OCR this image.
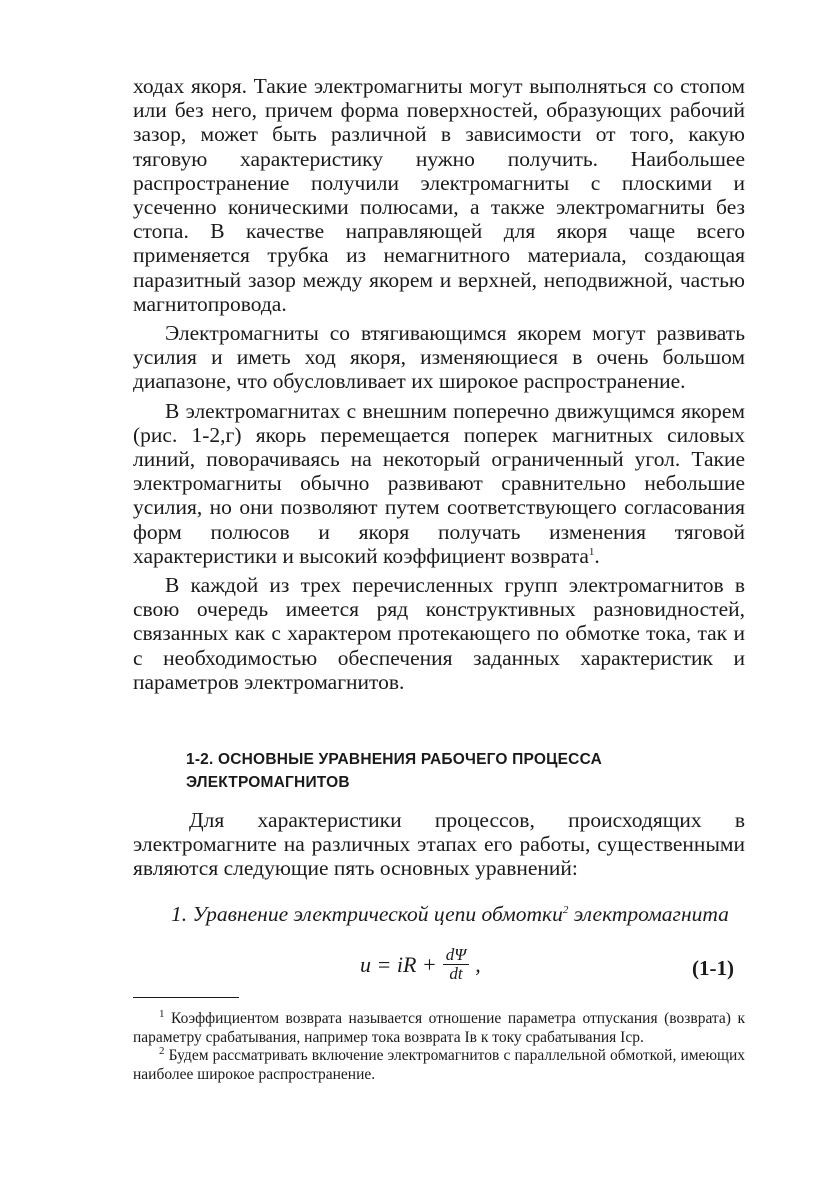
ходах якоря. Такие электромагниты могут выполняться со стопом или без него, причем форма поверхностей, образующих рабочий зазор, может быть различной в зависимости от того, какую тяговую характеристику нужно получить. Наибольшее распространение получили электромагниты с плоскими и усеченно коническими полюсами, а также электромагниты без стопа. В качестве направляющей для якоря чаще всего применяется трубка из немагнитного материала, создающая паразитный зазор между якорем и верхней, неподвижной, частью магнитопровода.

Электромагниты со втягивающимся якорем могут развивать усилия и иметь ход якоря, изменяющиеся в очень большом диапазоне, что обусловливает их широкое распространение.

В электромагнитах с внешним поперечно движущимся якорем (рис. 1-2,г) якорь перемещается поперек магнитных силовых линий, поворачиваясь на некоторый ограниченный угол. Такие электромагниты обычно развивают сравнительно небольшие усилия, но они позволяют путем соответствующего согласования форм полюсов и якоря получать изменения тяговой характеристики и высокий коэффициент возврата$^1$.

В каждой из трех перечисленных групп электромагнитов в свою очередь имеется ряд конструктивных разновидностей, связанных как с характером протекающего по обмотке тока, так и с необходимостью обеспечения заданных характеристик и параметров электромагнитов.

1-2. ОСНОВНЫЕ УРАВНЕНИЯ РАБОЧЕГО ПРОЦЕССА ЭЛЕКТРОМАГНИТОВ

Для характеристики процессов, происходящих в электромагните на различных этапах его работы, существенными являются следующие пять основных уравнений:

1. Уравнение электрической цепи обмотки$^2$ электромагнита

u = iR + $\frac{d\Psi}{dt}$ ,	(1-1)

$^1$ Коэффициентом возврата называется отношение параметра отпускания (возврата) к параметру срабатывания, например тока возврата Iв к току срабатывания Iср.

$^2$ Будем рассматривать включение электромагнитов с параллельной обмоткой, имеющих наиболее широкое распространение.
